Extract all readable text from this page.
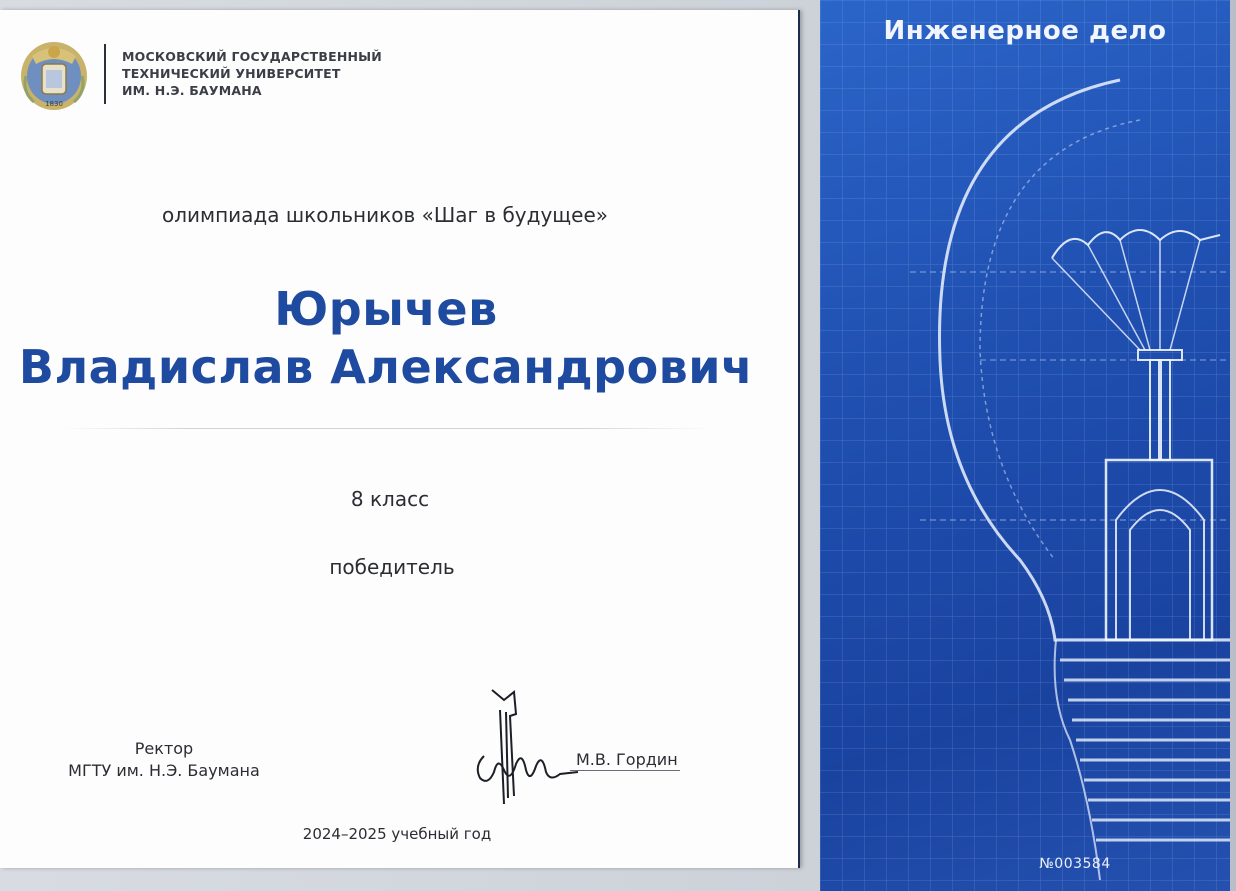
1830
МОСКОВСКИЙ ГОСУДАРСТВЕННЫЙ
ТЕХНИЧЕСКИЙ УНИВЕРСИТЕТ
ИМ. Н.Э. БАУМАНА
олимпиада школьников «Шаг в будущее»
Юрычев
Владислав Александрович
8 класс
победитель
Ректор
МГТУ им. Н.Э. Баумана
М.В. Гордин
2024–2025 учебный год
Инженерное дело
№003584
